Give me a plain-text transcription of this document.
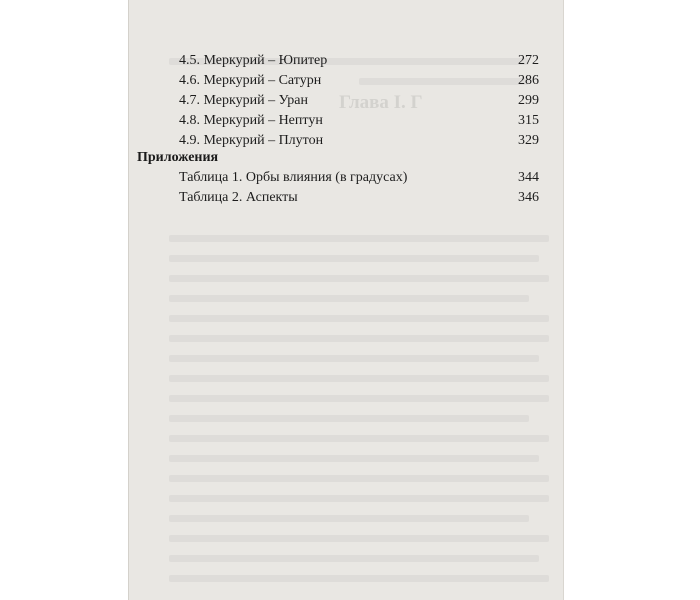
Глава I. Г
4.5. Меркурий – Юпитер	272
4.6. Меркурий – Сатурн	286
4.7. Меркурий – Уран	299
4.8. Меркурий – Нептун	315
4.9. Меркурий – Плутон	329
Приложения
Таблица 1. Орбы влияния (в градусах)	344
Таблица 2. Аспекты	346
